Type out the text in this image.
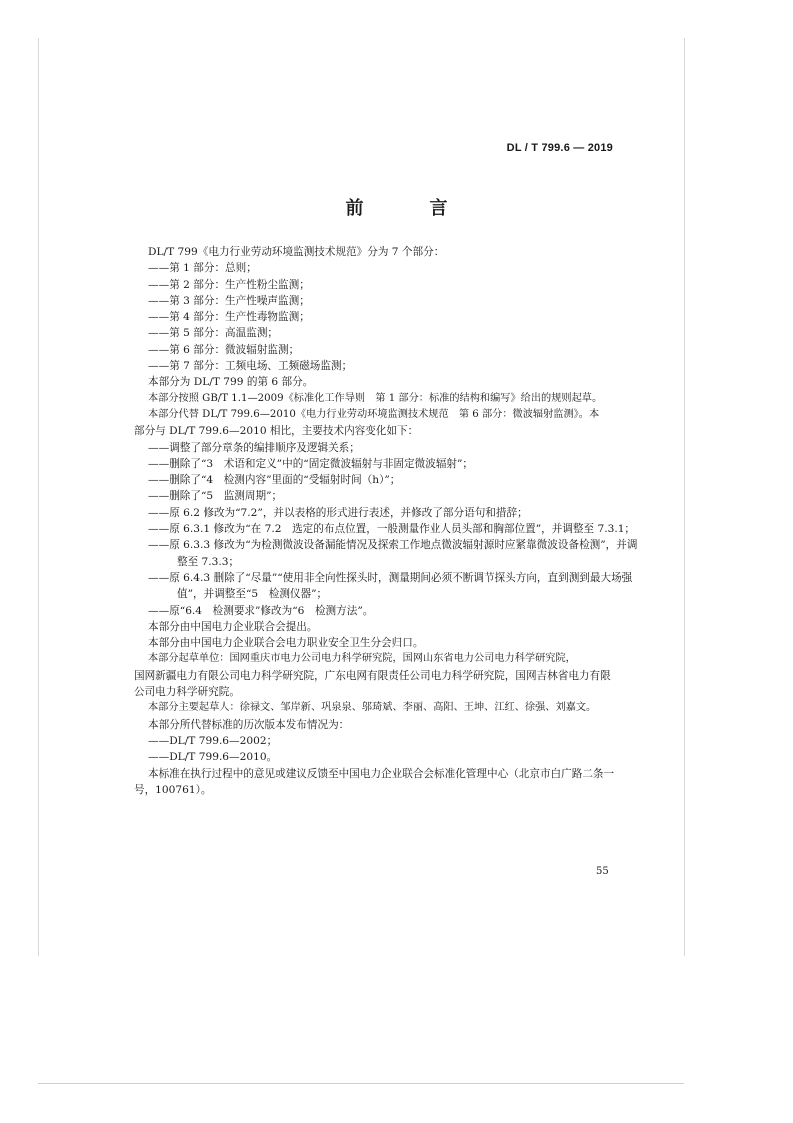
DL / T 799.6 — 2019
前　言

DL/T 799《电力行业劳动环境监测技术规范》分为 7 个部分：

——第 1 部分：总则；

——第 2 部分：生产性粉尘监测；

——第 3 部分：生产性噪声监测；

——第 4 部分：生产性毒物监测；

——第 5 部分：高温监测；

——第 6 部分：微波辐射监测；

——第 7 部分：工频电场、工频磁场监测；

本部分为 DL/T 799 的第 6 部分。

本部分按照 GB/T 1.1—2009《标准化工作导则　第 1 部分：标准的结构和编写》给出的规则起草。

本部分代替 DL/T 799.6—2010《电力行业劳动环境监测技术规范　第 6 部分：微波辐射监测》。本

部分与 DL/T 799.6—2010 相比，主要技术内容变化如下：

——调整了部分章条的编排顺序及逻辑关系；

——删除了“3　术语和定义”中的“固定微波辐射与非固定微波辐射”；

——删除了“4　检测内容”里面的“受辐射时间（h）”；

——删除了“5　监测周期”；

——原 6.2 修改为“7.2”，并以表格的形式进行表述，并修改了部分语句和措辞；

——原 6.3.1 修改为“在 7.2　选定的布点位置，一般测量作业人员头部和胸部位置”，并调整至 7.3.1；

——原 6.3.3 修改为“为检测微波设备漏能情况及探索工作地点微波辐射源时应紧靠微波设备检测”，并调整至 7.3.3；

——原 6.4.3 删除了“尽量”“使用非全向性探头时，测量期间必须不断调节探头方向，直到测到最大场强值”，并调整至“5　检测仪器”；

——原“6.4　检测要求”修改为“6　检测方法”。

本部分由中国电力企业联合会提出。

本部分由中国电力企业联合会电力职业安全卫生分会归口。

本部分起草单位：国网重庆市电力公司电力科学研究院，国网山东省电力公司电力科学研究院，

国网新疆电力有限公司电力科学研究院，广东电网有限责任公司电力科学研究院，国网吉林省电力有限公司电力科学研究院。

本部分主要起草人：徐禄文、邹岸新、巩泉泉、邬琦斌、李丽、高阳、王坤、江红、徐强、刘嘉文。

本部分所代替标准的历次版本发布情况为：

——DL/T 799.6—2002；

——DL/T 799.6—2010。

本标准在执行过程中的意见或建议反馈至中国电力企业联合会标准化管理中心（北京市白广路二条一号，100761）。

55
